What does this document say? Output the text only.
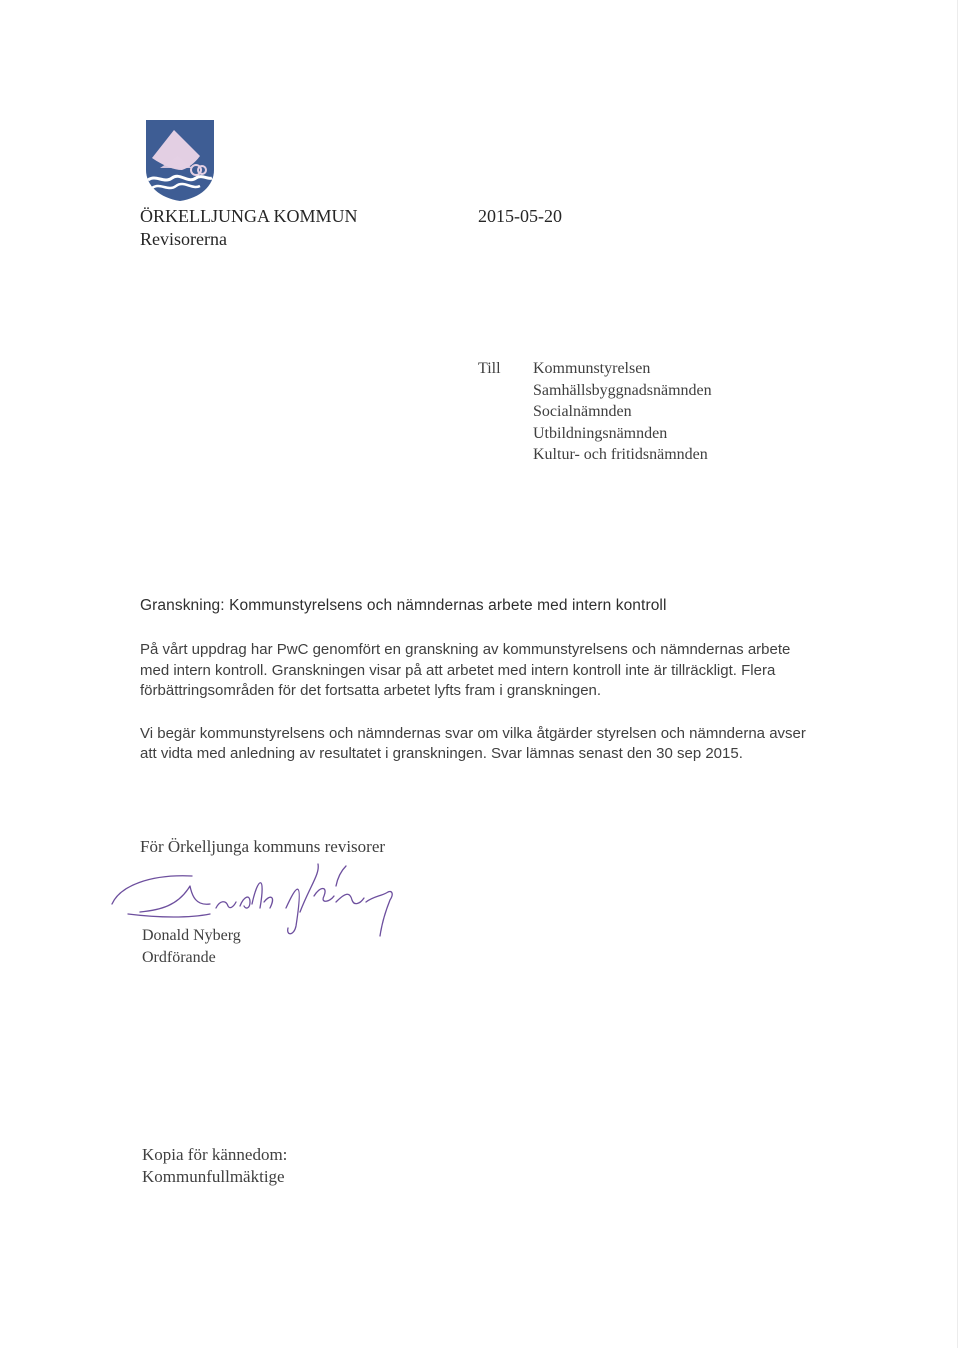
ÖRKELLJUNGA KOMMUN
Revisorerna
2015-05-20
Till Kommunstyrelsen
Samhällsbyggnadsnämnden
Socialnämnden
Utbildningsnämnden
Kultur- och fritidsnämnden
Granskning: Kommunstyrelsens och nämndernas arbete med intern kontroll

På vårt uppdrag har PwC genomfört en granskning av kommunstyrelsens och nämndernas arbete med intern kontroll. Granskningen visar på att arbetet med intern kontroll inte är tillräckligt. Flera förbättringsområden för det fortsatta arbetet lyfts fram i granskningen.

Vi begär kommunstyrelsens och nämndernas svar om vilka åtgärder styrelsen och nämnderna avser att vidta med anledning av resultatet i granskningen. Svar lämnas senast den 30 sep 2015.

För Örkelljunga kommuns revisorer
Donald Nyberg
Ordförande
Kopia för kännedom:
Kommunfullmäktige
